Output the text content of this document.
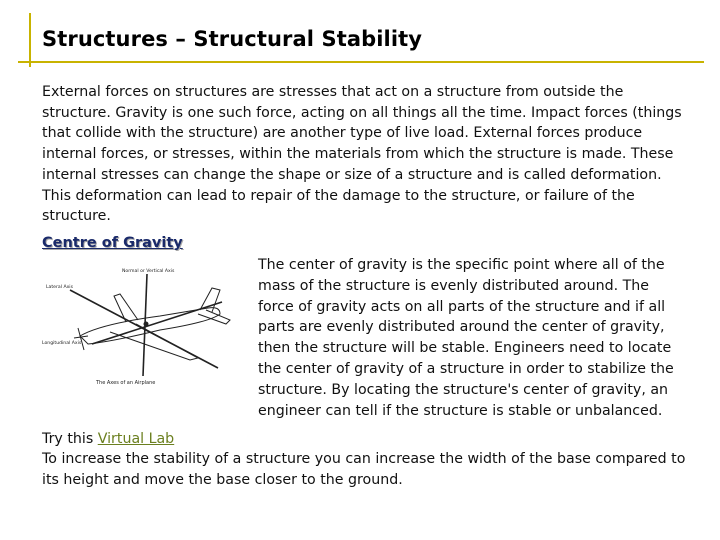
Structures – Structural Stability
External forces on structures are stresses that act on a structure from outside the structure. Gravity is one such force, acting on all things all the time. Impact forces (things that collide with the structure) are another type of live load. External forces produce internal forces, or stresses, within the materials from which the structure is made. These internal stresses can change the shape or size of a structure and is called deformation. This deformation can lead to repair of the damage to the structure, or failure of the structure.
Centre of Gravity
Normal or Vertical Axis
Lateral Axis
Longitudinal Axis
The Axes of an Airplane
The center of gravity is the specific point where all of the mass of the structure is evenly distributed around. The force of gravity acts on all parts of the structure and if all parts are evenly distributed around the center of gravity, then the structure will be stable. Engineers need to locate the center of gravity of a structure in order to stabilize the structure. By locating the structure's center of gravity, an engineer can tell if the structure is stable or unbalanced.
Try this Virtual Lab
To increase the stability of a structure you can increase the width of the base compared to its height and move the base closer to the ground.
